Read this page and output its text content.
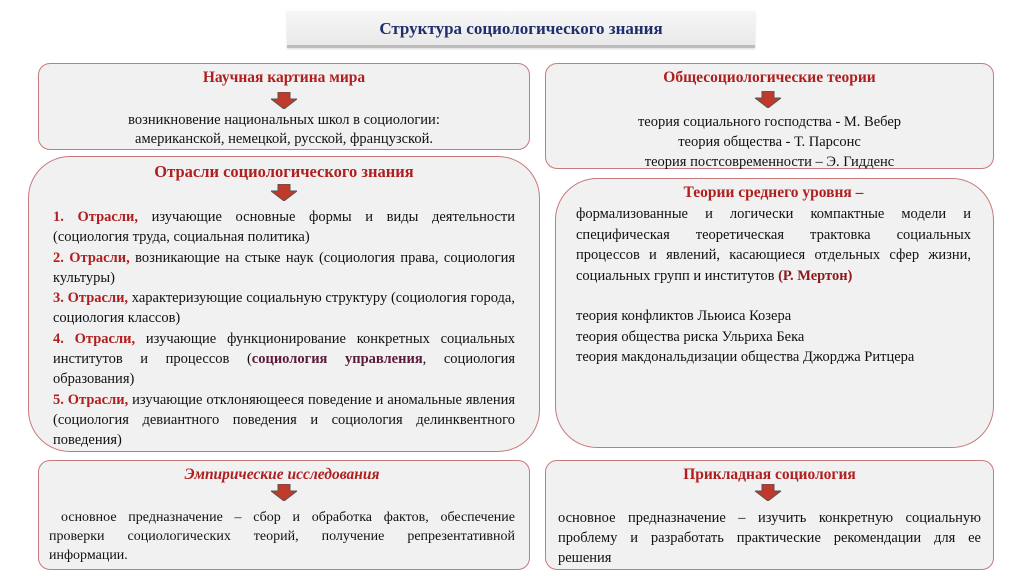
Структура социологического знания
Научная картина мира

возникновение национальных школ в социологии:

американской, немецкой, русской, французской.

Общесоциологические теории

теория социального господства - М. Вебер

теория общества - Т. Парсонс

теория постсовременности – Э. Гидденс

Отрасли социологического знания

1. Отрасли, изучающие основные формы и виды деятельности (социология труда, социальная политика)

2. Отрасли, возникающие на стыке наук (социология права, социология культуры)

3. Отрасли, характеризующие социальную структуру (социология города, социология классов)

4. Отрасли, изучающие функционирование конкретных социальных институтов и процессов (социология управления, социология образования)

5. Отрасли, изучающие отклоняющееся поведение и аномальные явления (социология девиантного поведения и социология делинквентного поведения)

Теории среднего уровня –

формализованные и логически компактные модели и специфическая теоретическая трактовка социальных процессов и явлений, касающиеся отдельных сфер жизни, социальных групп и институтов (Р. Мертон)

теория конфликтов Льюиса Козера

теория общества риска Ульриха Бека

теория макдональдизации общества Джорджа Ритцера

Эмпирические исследования

основное предназначение – сбор и обработка фактов, обеспечение проверки социологических теорий, получение репрезентативной информации.

Прикладная социология

основное предназначение – изучить конкретную социальную проблему и разработать практические рекомендации для ее решения
